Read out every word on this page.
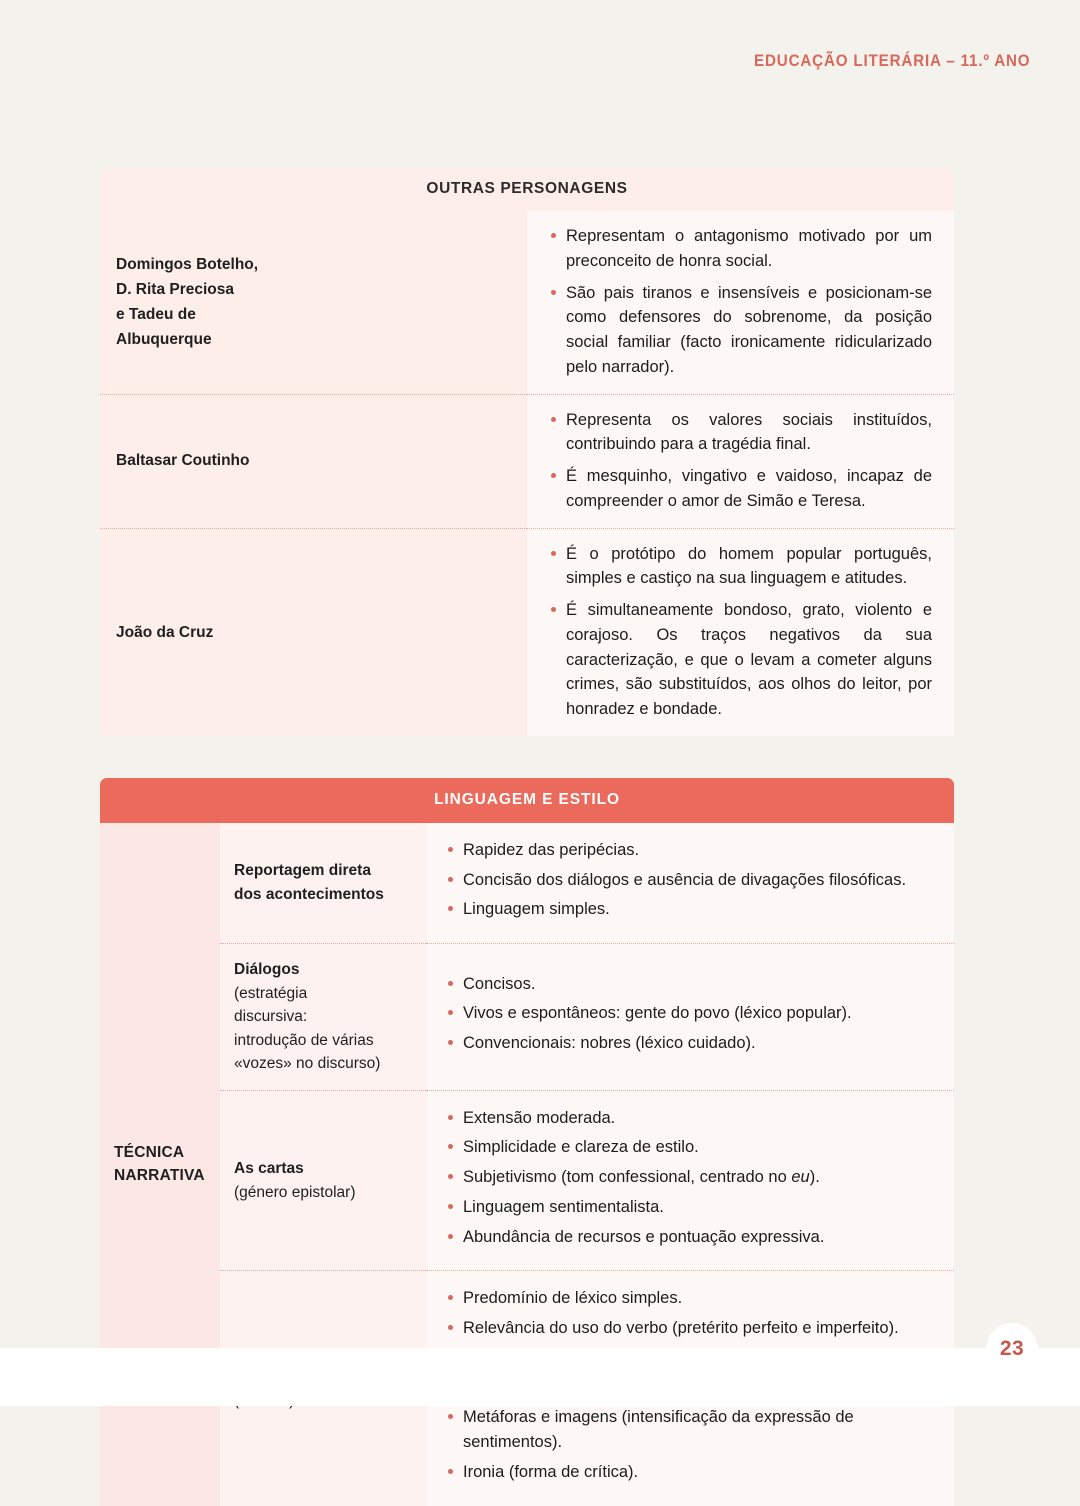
EDUCAÇÃO LITERÁRIA – 11.º ANO
OUTRAS PERSONAGENS	

Domingos Botelho,
D. Rita Preciosa
e Tadeu de
Albuquerque

Representam o antagonismo motivado por um preconceito de honra social.
São pais tiranos e insensíveis e posicionam-se como defensores do sobrenome, da posição social familiar (facto ironicamente ridicularizado pelo narrador).

Baltasar Coutinho

Representa os valores sociais instituídos, contribuindo para a tragédia final.
É mesquinho, vingativo e vaidoso, incapaz de compreender o amor de Simão e Teresa.

João da Cruz

É o protótipo do homem popular português, simples e castiço na sua linguagem e atitudes.
É simultaneamente bondoso, grato, violento e corajoso. Os traços negativos da sua caracterização, e que o levam a cometer alguns crimes, são substituídos, aos olhos do leitor, por honradez e bondade.
LINGUAGEM E ESTILO
TÉCNICA
NARRATIVA

Reportagem direta
dos acontecimentos

Rapidez das peripécias.
Concisão dos diálogos e ausência de divagações filosóficas.
Linguagem simples.

Diálogos
(estratégia
discursiva:
introdução de várias
«vozes» no discurso)

Concisos.
Vivos e espontâneos: gente do povo (léxico popular).
Convencionais: nobres (léxico cuidado).

As cartas
(género epistolar)

Extensão moderada.
Simplicidade e clareza de estilo.
Subjetivismo (tom confessional, centrado no eu).
Linguagem sentimentalista.
Abundância de recursos e pontuação expressiva.

Predomínio de léxico simples.
Relevância do uso do verbo (pretérito perfeito e imperfeito).
Metáforas e imagens (intensificação da expressão de sentimentos).
Ironia (forma de crítica).
23
